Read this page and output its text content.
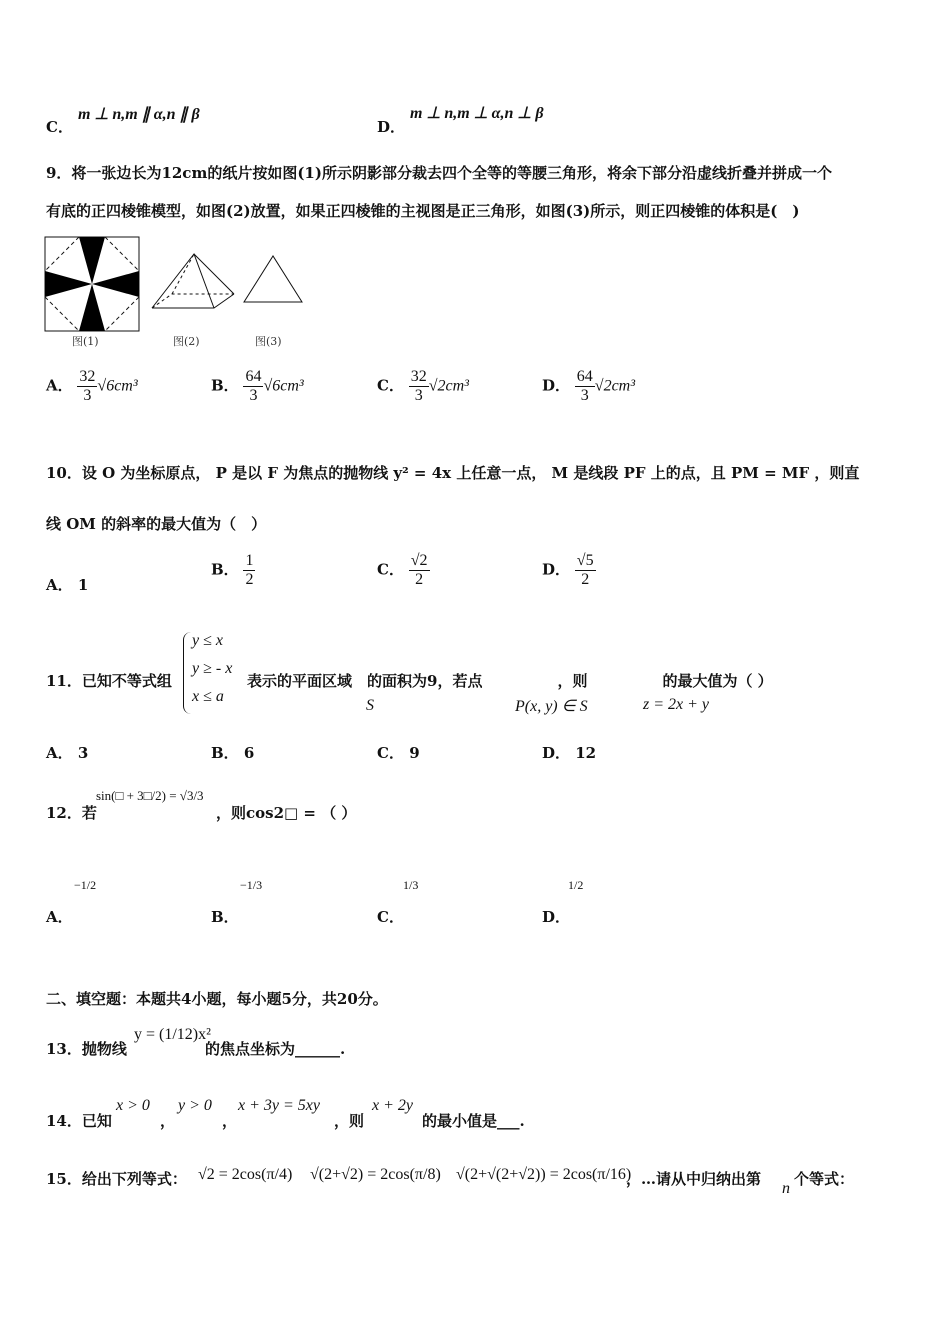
C．
m ⊥ n,m ∥ α,n ∥ β
D．
m ⊥ n,m ⊥ α,n ⊥ β
9．将一张边长为12cm的纸片按如图(1)所示阴影部分裁去四个全等的等腰三角形，将余下部分沿虚线折叠并拼成一个
有底的正四棱锥模型，如图(2)放置，如果正四棱锥的主视图是正三角形，如图(3)所示，则正四棱锥的体积是(　)
图(1)	图(2)	图(3)
A． $\frac{32}{3} √6cm^3$	B． $\frac{64}{3} √6cm^3$	C． $\frac{32}{3} √2cm^3$	D． $\frac{64}{3} √2cm^3$
10．设 O 为坐标原点， P 是以 F 为焦点的抛物线 y² = 4x 上任意一点， M 是线段 PF 上的点，且 PM = MF ，则直
线 OM 的斜率的最大值为（　）
A． 1
B． $\frac{1}{2}$	C． $\frac{√2}{2}$	D． $\frac{√5}{2}$
11．已知不等式组
y ≤ x
y ≥ - x
x ≤ a
表示的平面区域　的面积为9，若点　　　　　，则　　　　　的最大值为（ ）
S	P(x, y) ∈ S	z = 2x + y
A． 3	B． 6	C． 9	D． 12
12．若
sin(□ + 3□/2) = √3/3
，则cos2□ = （ ）
A．
−1/2
B．
−1/3
C．
1/3
D．
1/2
二、填空题：本题共4小题，每小题5分，共20分。
13．抛物线
y = (1/12)x²
的焦点坐标为______.
14．已知
x > 0
，
y > 0
，
x + 3y = 5xy
，则
x + 2y
的最小值是___.
15．给出下列等式： √2 = 2cos(π/4) √(2+√2) = 2cos(π/8) √(2+√(2+√2)) = 2cos(π/16)
，…请从中归纳出第
n
个等式：
